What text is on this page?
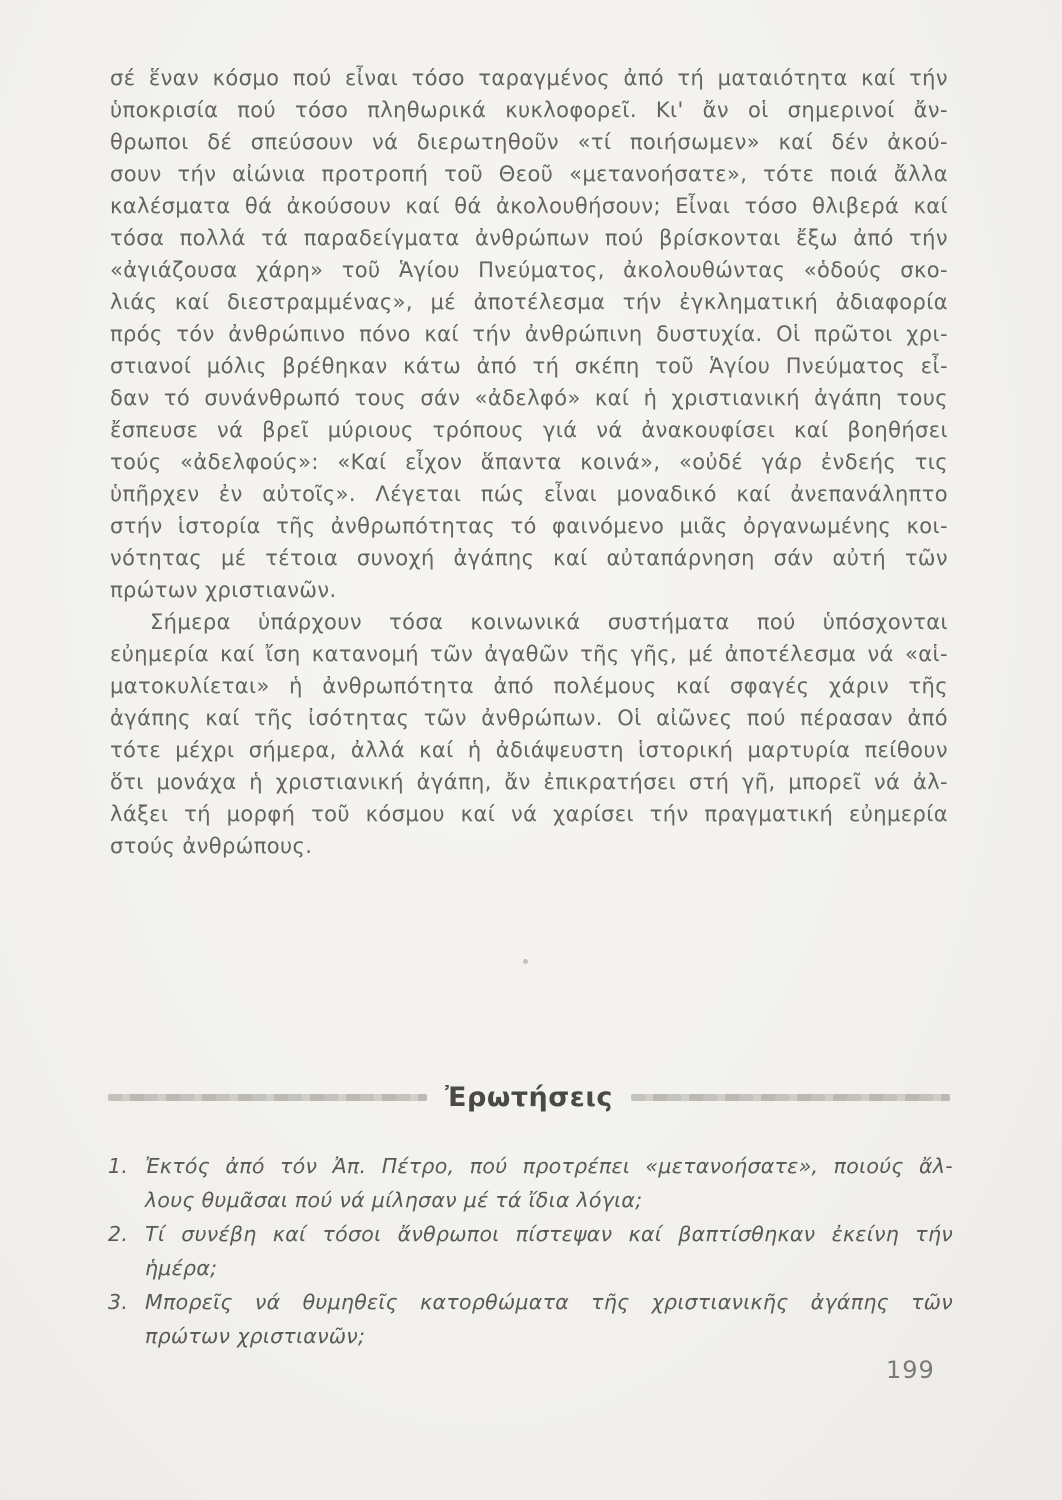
σέ ἕναν κόσμο πού εἶναι τόσο ταραγμένος ἀπό τή ματαιότητα καί τήν
ὑποκρισία πού τόσο πληθωρικά κυκλοφορεῖ. Κι' ἄν οἱ σημερινοί ἄν-
θρωποι δέ σπεύσουν νά διερωτηθοῦν «τί ποιήσωμεν» καί δέν ἀκού-
σουν τήν αἰώνια προτροπή τοῦ Θεοῦ «μετανοήσατε», τότε ποιά ἄλλα
καλέσματα θά ἀκούσουν καί θά ἀκολουθήσουν; Εἶναι τόσο θλιβερά καί
τόσα πολλά τά παραδείγματα ἀνθρώπων πού βρίσκονται ἔξω ἀπό τήν
«ἀγιάζουσα χάρη» τοῦ Ἁγίου Πνεύματος, ἀκολουθώντας «ὁδούς σκο-
λιάς καί διεστραμμένας», μέ ἀποτέλεσμα τήν ἐγκληματική ἀδιαφορία
πρός τόν ἀνθρώπινο πόνο καί τήν ἀνθρώπινη δυστυχία. Οἱ πρῶτοι χρι-
στιανοί μόλις βρέθηκαν κάτω ἀπό τή σκέπη τοῦ Ἁγίου Πνεύματος εἶ-
δαν τό συνάνθρωπό τους σάν «ἀδελφό» καί ἡ χριστιανική ἀγάπη τους
ἔσπευσε νά βρεῖ μύριους τρόπους γιά νά ἀνακουφίσει καί βοηθήσει
τούς «ἀδελφούς»: «Καί εἶχον ἅπαντα κοινά», «οὐδέ γάρ ἐνδεής τις
ὑπῆρχεν ἐν αὐτοῖς». Λέγεται πώς εἶναι μοναδικό καί ἀνεπανάληπτο
στήν ἱστορία τῆς ἀνθρωπότητας τό φαινόμενο μιᾶς ὀργανωμένης κοι-
νότητας μέ τέτοια συνοχή ἀγάπης καί αὐταπάρνηση σάν αὐτή τῶν
πρώτων χριστιανῶν.
Σήμερα ὑπάρχουν τόσα κοινωνικά συστήματα πού ὑπόσχονται
εὐημερία καί ἴση κατανομή τῶν ἀγαθῶν τῆς γῆς, μέ ἀποτέλεσμα νά «αἱ-
ματοκυλίεται» ἡ ἀνθρωπότητα ἀπό πολέμους καί σφαγές χάριν τῆς
ἀγάπης καί τῆς ἰσότητας τῶν ἀνθρώπων. Οἱ αἰῶνες πού πέρασαν ἀπό
τότε μέχρι σήμερα, ἀλλά καί ἡ ἀδιάψευστη ἱστορική μαρτυρία πείθουν
ὅτι μονάχα ἡ χριστιανική ἀγάπη, ἄν ἐπικρατήσει στή γῆ, μπορεῖ νά ἀλ-
λάξει τή μορφή τοῦ κόσμου καί νά χαρίσει τήν πραγματική εὐημερία
στούς ἀνθρώπους.
Ἐρωτήσεις
1. Ἐκτός ἀπό τόν Ἀπ. Πέτρο, πού προτρέπει «μετανοήσατε», ποιούς ἄλ-
λους θυμᾶσαι πού νά μίλησαν μέ τά ἴδια λόγια;
2. Τί συνέβη καί τόσοι ἄνθρωποι πίστεψαν καί βαπτίσθηκαν ἐκείνη τήν
ἡμέρα;
3. Μπορεῖς νά θυμηθεῖς κατορθώματα τῆς χριστιανικῆς ἀγάπης τῶν
πρώτων χριστιανῶν;
199
